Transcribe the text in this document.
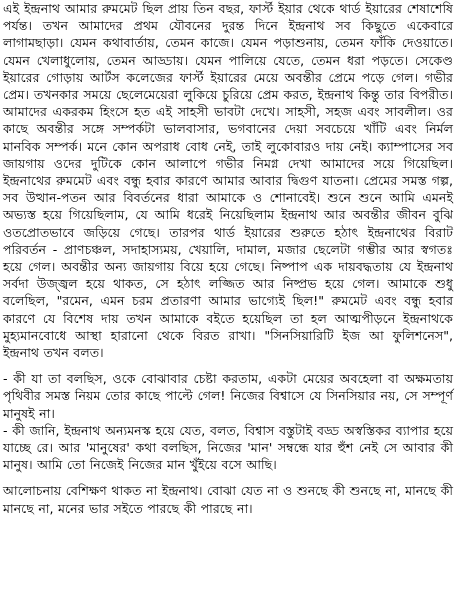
এই ইন্দ্রনাথ আমার রুমমেট ছিল প্রায় তিন বছর, ফার্স্ট ইয়ার থেকে থার্ড ইয়ারের শেষাশেষি পর্যন্ত। তখন আমাদের প্রথম যৌবনের দুরন্ত দিনে ইন্দ্রনাথ সব কিছুতে একেবারে লাগামছাড়া। যেমন কথাবার্তায়, তেমন কাজে। যেমন পড়াশুনায়, তেমন ফাঁকি দেওয়াতে। যেমন খেলাধুলোয়, তেমন আড্ডায়। যেমন পালিয়ে যেতে, তেমন ধরা পড়তে। সেকেণ্ড ইয়ারের গোড়ায় আর্টস কলেজের ফার্স্ট ইয়ারের মেয়ে অবন্তীর প্রেমে পড়ে গেল। গভীর প্রেম। তখনকার সময়ে ছেলেমেয়েরা লুকিয়ে চুরিয়ে প্রেম করত, ইন্দ্রনাথ কিন্তু তার বিপরীত। আমাদের একরকম হিংসে হত এই সাহসী ভাবটা দেখে। সাহসী, সহজ এবং সাবলীল। ওর কাছে অবন্তীর সঙ্গে সম্পর্কটা ভালবাসার, ভগবানের দেয়া সবচেয়ে খাঁটি এবং নির্মল মানবিক সম্পর্ক। মনে কোন অপরাধ বোধ নেই, তাই লুকোবারও দায় নেই। ক্যাম্পাসের সব জায়গায় ওদের দুটিকে কোন আলাপে গভীর নিমগ্ন দেখা আমাদের সয়ে গিয়েছিল। ইন্দ্রনাথের রুমমেট এবং বন্ধু হবার কারণে আমার আবার দ্বিগুণ যাতনা। প্রেমের সমস্ত গল্প, সব উত্থান-পতন আর বিবর্তনের ধারা আমাকে ও শোনাবেই। শুনে শুনে আমি এমনই অভ্যস্ত হয়ে গিয়েছিলাম, যে আমি ধরেই নিয়েছিলাম ইন্দ্রনাথ আর অবন্তীর জীবন বুঝি ওতপ্রোতভাবে জড়িয়ে গেছে। তারপর থার্ড ইয়ারের শুরুতে হঠাৎ ইন্দ্রনাথের বিরাট পরিবর্তন - প্রাণচঞ্চল, সদাহাস্যময়, খেয়ালি, দামাল, মজার ছেলেটা গম্ভীর আর স্বগতঃ হয়ে গেল। অবন্তীর অন্য জায়গায় বিয়ে হয়ে গেছে। নিষ্পাপ এক দায়বদ্ধতায় যে ইন্দ্রনাথ সর্বদা উজ্জ্বল হয়ে থাকত, সে হঠাৎ লজ্জিত আর নিষ্প্রভ হয়ে গেল। আমাকে শুধু বলেছিল, "রমেন, এমন চরম প্রতারণা আমার ভাগ্যেই ছিল!" রুমমেট এবং বন্ধু হবার কারণে যে বিশেষ দায় তখন আমাকে বইতে হয়েছিল তা হল আত্মপীড়নে ইন্দ্রনাথকে মুহ্যমানবোধে আস্থা হারানো থেকে বিরত রাখা। "সিনসিয়ারিটি ইজ আ ফুলিশনেস", ইন্দ্রনাথ তখন বলত।

- কী যা তা বলছিস, ওকে বোঝাবার চেষ্টা করতাম, একটা মেয়ের অবহেলা বা অক্ষমতায় পৃথিবীর সমস্ত নিয়ম তোর কাছে পাল্টে গেল! নিজের বিশ্বাসে যে সিনসিয়ার নয়, সে সম্পূর্ণ মানুষই না।

- কী জানি, ইন্দ্রনাথ অন্যমনস্ক হয়ে যেত, বলত, বিশ্বাস বস্তুটাই বড্ড অস্বস্তিকর ব্যাপার হয়ে যাচ্ছে রে। আর 'মানুষের' কথা বলছিস, নিজের 'মান' সম্বন্ধে যার হুঁশ নেই সে আবার কী মানুষ। আমি তো নিজেই নিজের মান খুঁইয়ে বসে আছি।

আলোচনায় বেশিক্ষণ থাকত না ইন্দ্রনাথ। বোঝা যেত না ও শুনছে কী শুনছে না, মানছে কী মানছে না, মনের ভার সইতে পারছে কী পারছে না।
